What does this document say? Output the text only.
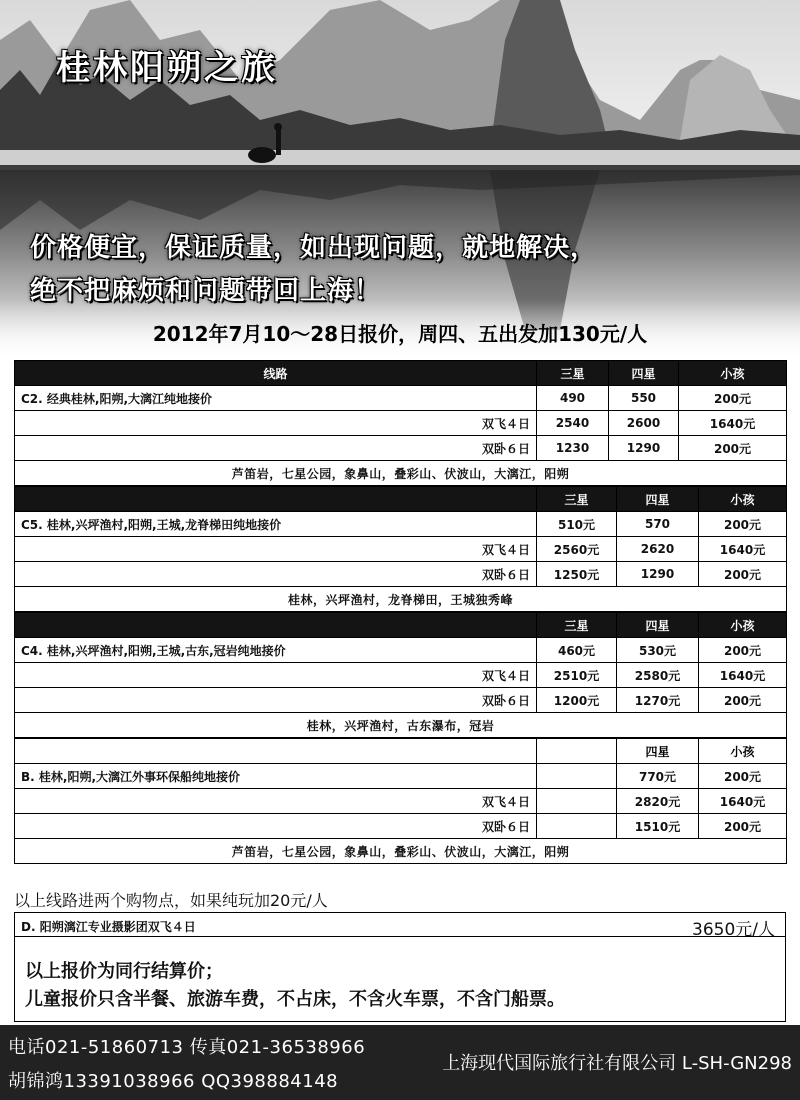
桂林阳朔之旅
价格便宜，保证质量，如出现问题，就地解决，
绝不把麻烦和问题带回上海！
2012年7月10～28日报价，周四、五出发加130元/人
线路	三星	四星	小孩
C2. 经典桂林,阳朔,大漓江纯地接价	490	550	200元
双飞４日	2540	2600	1640元
双卧６日	1230	1290	200元
芦笛岩，七星公园，象鼻山，叠彩山、伏波山，大漓江，阳朔			
	三星	四星	小孩
C5. 桂林,兴坪渔村,阳朔,王城,龙脊梯田纯地接价	510元	570	200元
双飞４日	2560元	2620	1640元
双卧６日	1250元	1290	200元
桂林，兴坪渔村，龙脊梯田，王城独秀峰			
	三星	四星	小孩
C4. 桂林,兴坪渔村,阳朔,王城,古东,冠岩纯地接价	460元	530元	200元
双飞４日	2510元	2580元	1640元
双卧６日	1200元	1270元	200元
桂林，兴坪渔村，古东瀑布，冠岩			
		四星	小孩
B. 桂林,阳朔,大漓江外事环保船纯地接价		770元	200元
双飞４日		2820元	1640元
双卧６日		1510元	200元
芦笛岩，七星公园，象鼻山，叠彩山、伏波山，大漓江，阳朔			
以上线路进两个购物点，如果纯玩加20元/人
D. 阳朔漓江专业摄影团双飞４日	3650元/人
以上报价为同行结算价；
儿童报价只含半餐、旅游车费，不占床，不含火车票，不含门船票。
电话021-51860713 传真021-36538966
胡锦鸿13391038966 QQ398884148
上海现代国际旅行社有限公司 L-SH-GN298
